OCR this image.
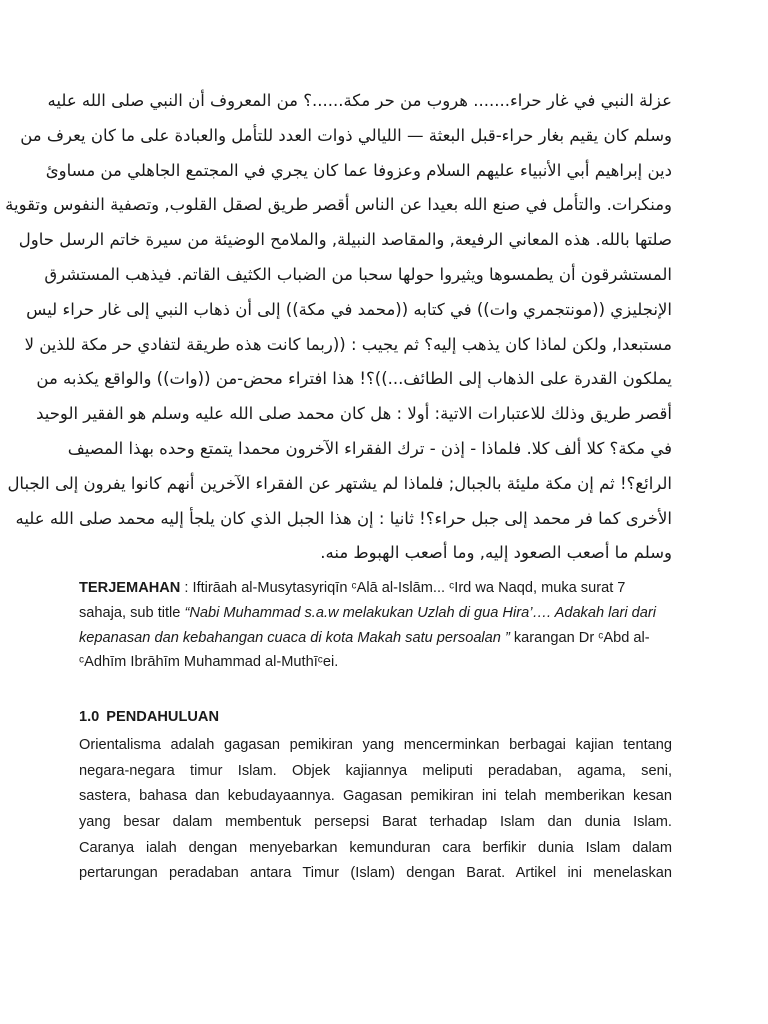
عزلة النبي في غار حراء....... هروب من حر مكة......؟ من المعروف أن النبي صلى الله عليه
وسلم كان يقيم بغار حراء-قبل البعثة — الليالي ذوات العدد للتأمل والعبادة على ما كان يعرف من
دين إبراهيم أبي الأنبياء عليهم السلام وعزوفا عما كان يجري في المجتمع الجاهلي من مساوئ
ومنكرات. والتأمل في صنع الله بعيدا عن الناس أقصر طريق لصقل القلوب, وتصفية النفوس وتقوية
صلتها بالله. هذه المعاني الرفيعة, والمقاصد النبيلة, والملامح الوضيئة من سيرة خاتم الرسل حاول
المستشرقون أن يطمسوها ويثيروا حولها سحبا من الضباب الكثيف القاتم. فيذهب المستشرق
الإنجليزي ((مونتجمري وات)) في كتابه ((محمد في مكة)) إلى أن ذهاب النبي إلى غار حراء ليس
مستبعدا, ولكن لماذا كان يذهب إليه؟ ثم يجيب : ((ربما كانت هذه طريقة لتفادي حر مكة للذين لا
يملكون القدرة على الذهاب إلى الطائف...))؟! هذا افتراء محض-من ((وات)) والواقع يكذبه من
أقصر طريق وذلك للاعتبارات الاتية: أولا : هل كان محمد صلى الله عليه وسلم هو الفقير الوحيد
في مكة؟ كلا ألف كلا. فلماذا - إذن - ترك الفقراء الآخرون محمدا يتمتع وحده بهذا المصيف
الرائع؟! ثم إن مكة مليئة بالجبال; فلماذا لم يشتهر عن الفقراء الآخرين أنهم كانوا يفرون إلى الجبال
الأخرى كما فر محمد إلى جبل حراء؟! ثانيا : إن هذا الجبل الذي كان يلجأ إليه محمد صلى الله عليه
وسلم ما أصعب الصعود إليه, وما أصعب الهبوط منه.
TERJEMAHAN : Iftirāah al-Musytasyriqīn ᶜAlā al-Islām... ᶜIrd wa Naqd, muka surat 7 sahaja, sub title “Nabi Muhammad s.a.w melakukan Uzlah di gua Hira’…. Adakah lari dari kepanasan dan kebahangan cuaca di kota Makah satu persoalan ” karangan Dr ᶜAbd al-ᶜAdhīm Ibrāhīm Muhammad al-Muthīᶜei.
1.0 PENDAHULUAN
Orientalisma adalah gagasan pemikiran yang mencerminkan berbagai kajian tentang
negara-negara timur Islam. Objek kajiannya meliputi peradaban, agama, seni,
sastera, bahasa dan kebudayaannya. Gagasan pemikiran ini telah memberikan kesan
yang besar dalam membentuk persepsi Barat terhadap Islam dan dunia Islam.
Caranya ialah dengan menyebarkan kemunduran cara berfikir dunia Islam dalam
pertarungan peradaban antara Timur (Islam) dengan Barat. Artikel ini menelaskan
